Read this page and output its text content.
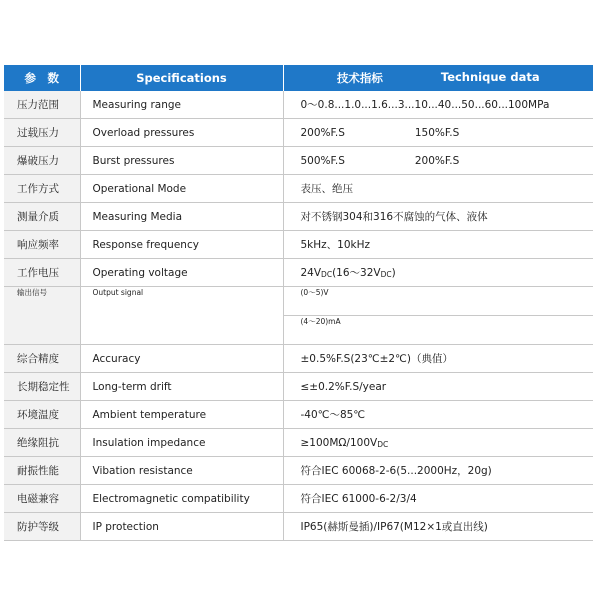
参　数	Specifications	技术指标 Technique data

压力范围	Measuring range	0～0.8...1.0...1.6...3...10...40...50...60...100MPa
过载压力	Overload pressures	200%F.S 150%F.S
爆破压力	Burst pressures	500%F.S 200%F.S
工作方式	Operational Mode	表压、绝压
测量介质	Measuring Media	对不锈钢304和316不腐蚀的气体、液体
响应频率	Response frequency	5kHz、10kHz
工作电压	Operating voltage	24VDC(16～32VDC)
输出信号	Output signal	(0～5)V
		(4～20)mA
综合精度	Accuracy	±0.5%F.S(23℃±2℃)（典值）
长期稳定性	Long-term drift	≤±0.2%F.S/year
环境温度	Ambient temperature	-40℃～85℃
绝缘阻抗	Insulation impedance	≥100MΩ/100VDC
耐振性能	Vibation resistance	符合IEC 60068-2-6(5...2000Hz，20g)
电磁兼容	Electromagnetic compatibility	符合IEC 61000-6-2/3/4
防护等级	IP protection	IP65(赫斯曼插)/IP67(M12×1或直出线)
